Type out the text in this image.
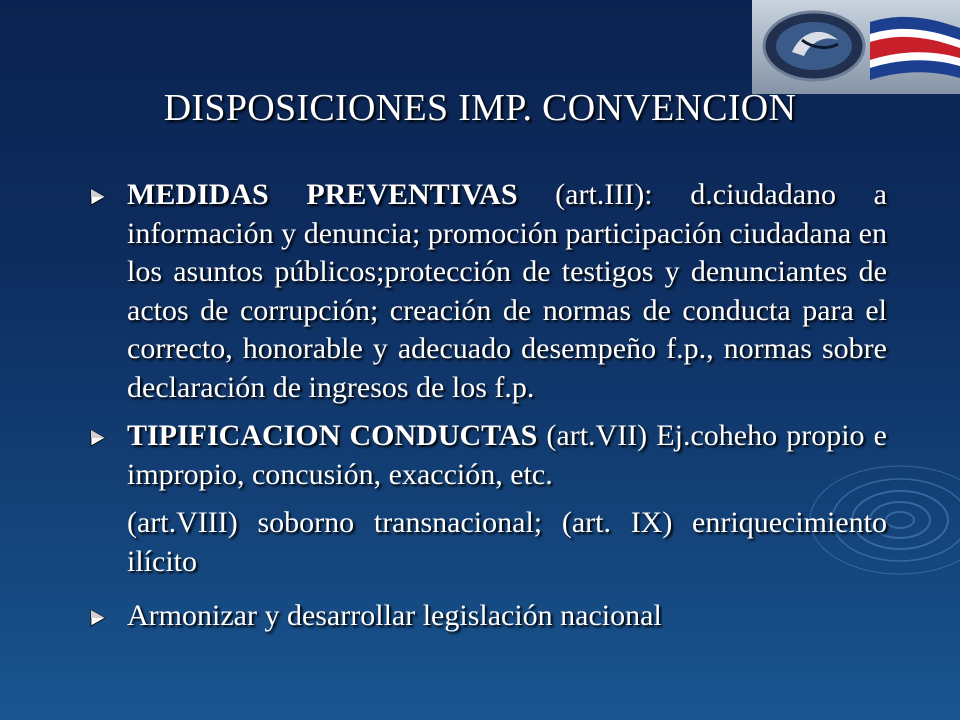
DISPOSICIONES IMP. CONVENCION
MEDIDAS PREVENTIVAS (art.III): d.ciudadano a información y denuncia; promoción participación ciudadana en los asuntos públicos;protección de testigos y denunciantes de actos de corrupción; creación de normas de conducta para el correcto, honorable y adecuado desempeño f.p., normas sobre declaración de ingresos de los f.p.
TIPIFICACION CONDUCTAS (art.VII) Ej.coheho propio e impropio, concusión, exacción, etc.
(art.VIII) soborno transnacional; (art. IX) enriquecimiento ilícito
Armonizar y desarrollar legislación nacional
